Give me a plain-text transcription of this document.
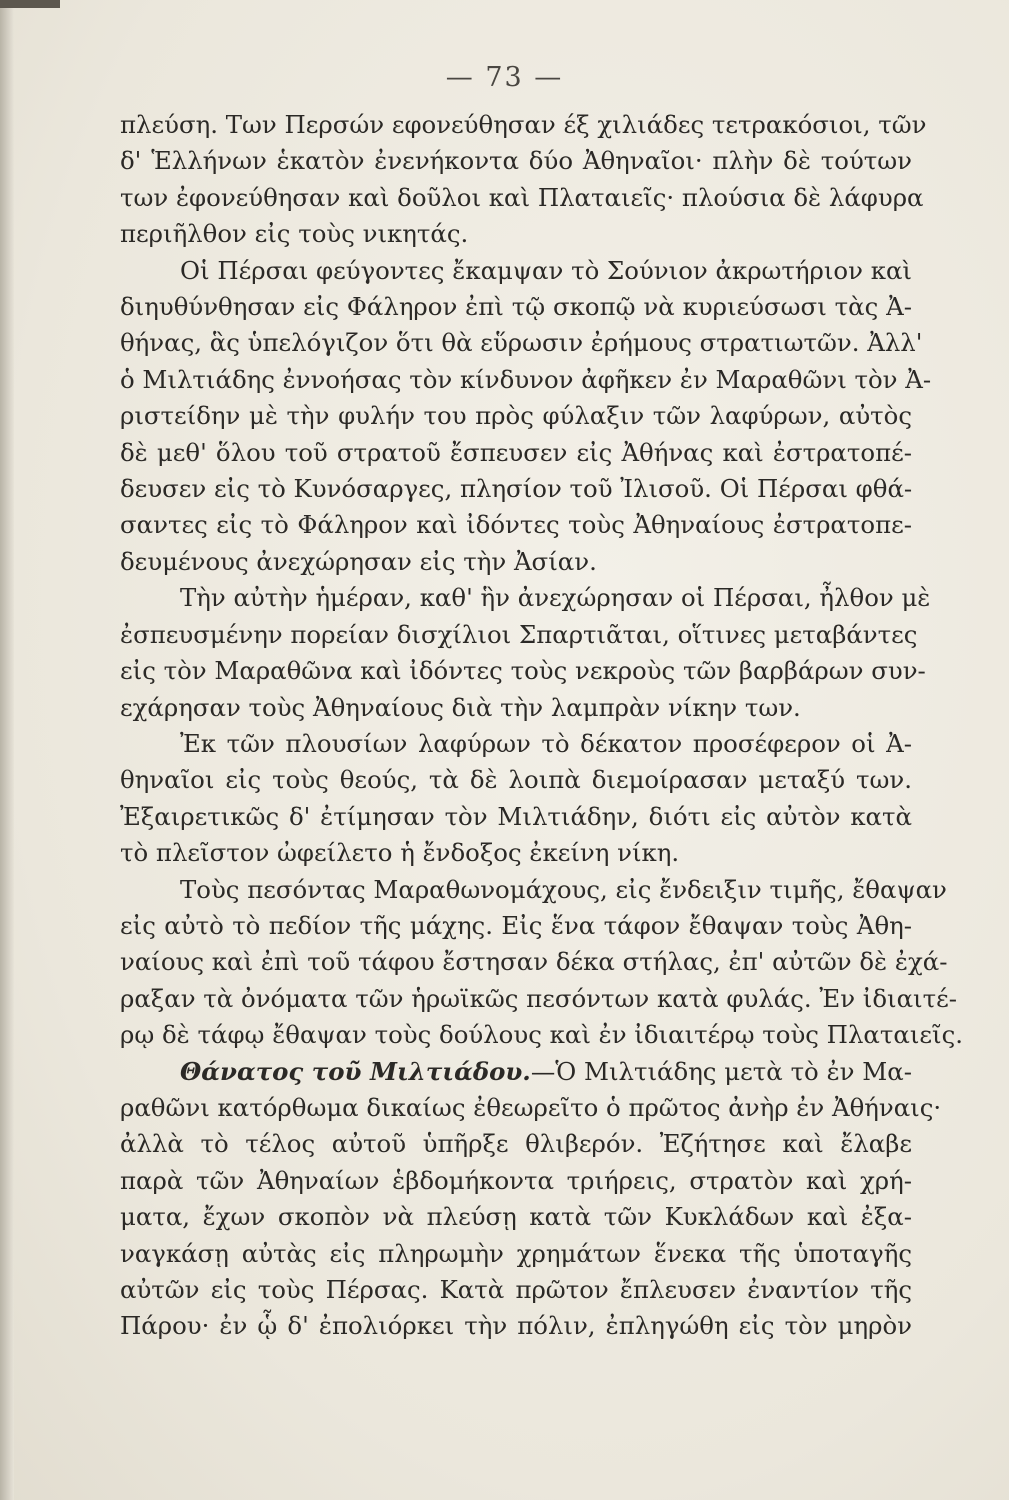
— 73 —
πλεύση. Των Περσών εφονεύθησαν έξ χιλιάδες τετρακόσιοι, τῶν
δ' Ἑλλήνων ἑκατὸν ἐνενήκοντα δύο Ἀθηναῖοι· πλὴν δὲ τούτων
των ἐφονεύθησαν καὶ δοῦλοι καὶ Πλαταιεῖς· πλούσια δὲ λάφυρα
περιῆλθον εἰς τοὺς νικητάς.
Οἱ Πέρσαι φεύγοντες ἔκαμψαν τὸ Σούνιον ἀκρωτήριον καὶ
διηυθύνθησαν εἰς Φάληρον ἐπὶ τῷ σκοπῷ νὰ κυριεύσωσι τὰς Ἀ-
θήνας, ἃς ὑπελόγιζον ὅτι θὰ εὕρωσιν ἐρήμους στρατιωτῶν. Ἀλλ'
ὁ Μιλτιάδης ἐννοήσας τὸν κίνδυνον ἀφῆκεν ἐν Μαραθῶνι τὸν Ἀ-
ριστείδην μὲ τὴν φυλήν του πρὸς φύλαξιν τῶν λαφύρων, αὐτὸς
δὲ μεθ' ὅλου τοῦ στρατοῦ ἔσπευσεν εἰς Ἀθήνας καὶ ἐστρατοπέ-
δευσεν εἰς τὸ Κυνόσαργες, πλησίον τοῦ Ἰλισοῦ. Οἱ Πέρσαι φθά-
σαντες εἰς τὸ Φάληρον καὶ ἰδόντες τοὺς Ἀθηναίους ἐστρατοπε-
δευμένους ἀνεχώρησαν εἰς τὴν Ἀσίαν.
Τὴν αὐτὴν ἡμέραν, καθ' ἣν ἀνεχώρησαν οἱ Πέρσαι, ἦλθον μὲ
ἐσπευσμένην πορείαν δισχίλιοι Σπαρτιᾶται, οἵτινες μεταβάντες
εἰς τὸν Μαραθῶνα καὶ ἰδόντες τοὺς νεκροὺς τῶν βαρβάρων συν-
εχάρησαν τοὺς Ἀθηναίους διὰ τὴν λαμπρὰν νίκην των.
Ἐκ τῶν πλουσίων λαφύρων τὸ δέκατον προσέφερον οἱ Ἀ-
θηναῖοι εἰς τοὺς θεούς, τὰ δὲ λοιπὰ διεμοίρασαν μεταξύ των.
Ἐξαιρετικῶς δ' ἐτίμησαν τὸν Μιλτιάδην, διότι εἰς αὐτὸν κατὰ
τὸ πλεῖστον ὠφείλετο ἡ ἔνδοξος ἐκείνη νίκη.
Τοὺς πεσόντας Μαραθωνομάχους, εἰς ἔνδειξιν τιμῆς, ἔθαψαν
εἰς αὐτὸ τὸ πεδίον τῆς μάχης. Εἰς ἕνα τάφον ἔθαψαν τοὺς Ἀθη-
ναίους καὶ ἐπὶ τοῦ τάφου ἔστησαν δέκα στήλας, ἐπ' αὐτῶν δὲ ἐχά-
ραξαν τὰ ὀνόματα τῶν ἡρωϊκῶς πεσόντων κατὰ φυλάς. Ἐν ἰδιαιτέ-
ρῳ δὲ τάφῳ ἔθαψαν τοὺς δούλους καὶ ἐν ἰδιαιτέρῳ τοὺς Πλαταιεῖς.
Θάνατος τοῦ Μιλτιάδου.—Ὁ Μιλτιάδης μετὰ τὸ ἐν Μα-
ραθῶνι κατόρθωμα δικαίως ἐθεωρεῖτο ὁ πρῶτος ἀνὴρ ἐν Ἀθήναις·
ἀλλὰ τὸ τέλος αὐτοῦ ὑπῆρξε θλιβερόν. Ἐζήτησε καὶ ἔλαβε
παρὰ τῶν Ἀθηναίων ἑβδομήκοντα τριήρεις, στρατὸν καὶ χρή-
ματα, ἔχων σκοπὸν νὰ πλεύσῃ κατὰ τῶν Κυκλάδων καὶ ἐξα-
ναγκάσῃ αὐτὰς εἰς πληρωμὴν χρημάτων ἕνεκα τῆς ὑποταγῆς
αὐτῶν εἰς τοὺς Πέρσας. Κατὰ πρῶτον ἔπλευσεν ἐναντίον τῆς
Πάρου· ἐν ᾧ δ' ἐπολιόρκει τὴν πόλιν, ἐπληγώθη εἰς τὸν μηρὸν
